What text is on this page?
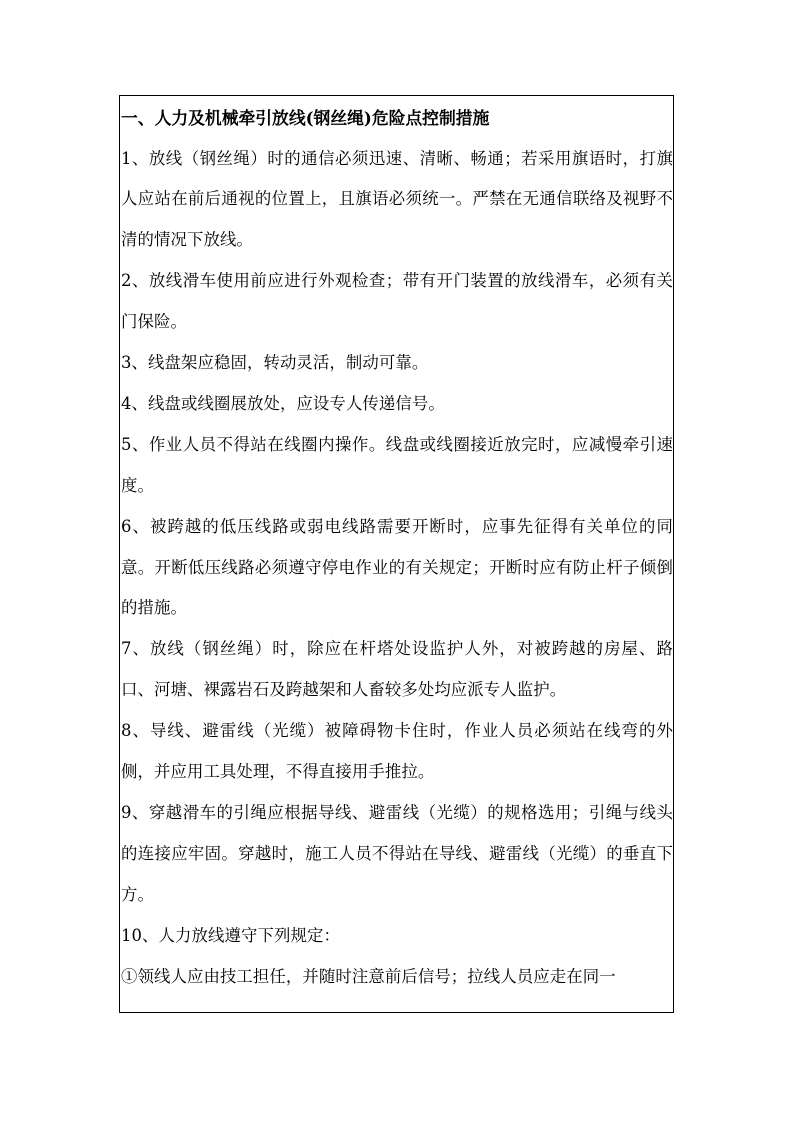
一、人力及机械牵引放线(钢丝绳)危险点控制措施

1、放线（钢丝绳）时的通信必须迅速、清晰、畅通；若采用旗语时，打旗人应站在前后通视的位置上，且旗语必须统一。严禁在无通信联络及视野不清的情况下放线。

2、放线滑车使用前应进行外观检查；带有开门装置的放线滑车，必须有关门保险。

3、线盘架应稳固，转动灵活，制动可靠。

4、线盘或线圈展放处，应设专人传递信号。

5、作业人员不得站在线圈内操作。线盘或线圈接近放完时，应减慢牵引速度。

6、被跨越的低压线路或弱电线路需要开断时，应事先征得有关单位的同意。开断低压线路必须遵守停电作业的有关规定；开断时应有防止杆子倾倒的措施。

7、放线（钢丝绳）时，除应在杆塔处设监护人外，对被跨越的房屋、路口、河塘、裸露岩石及跨越架和人畜较多处均应派专人监护。

8、导线、避雷线（光缆）被障碍物卡住时，作业人员必须站在线弯的外侧，并应用工具处理，不得直接用手推拉。

9、穿越滑车的引绳应根据导线、避雷线（光缆）的规格选用；引绳与线头的连接应牢固。穿越时，施工人员不得站在导线、避雷线（光缆）的垂直下方。

10、人力放线遵守下列规定：

①领线人应由技工担任，并随时注意前后信号；拉线人员应走在同一
